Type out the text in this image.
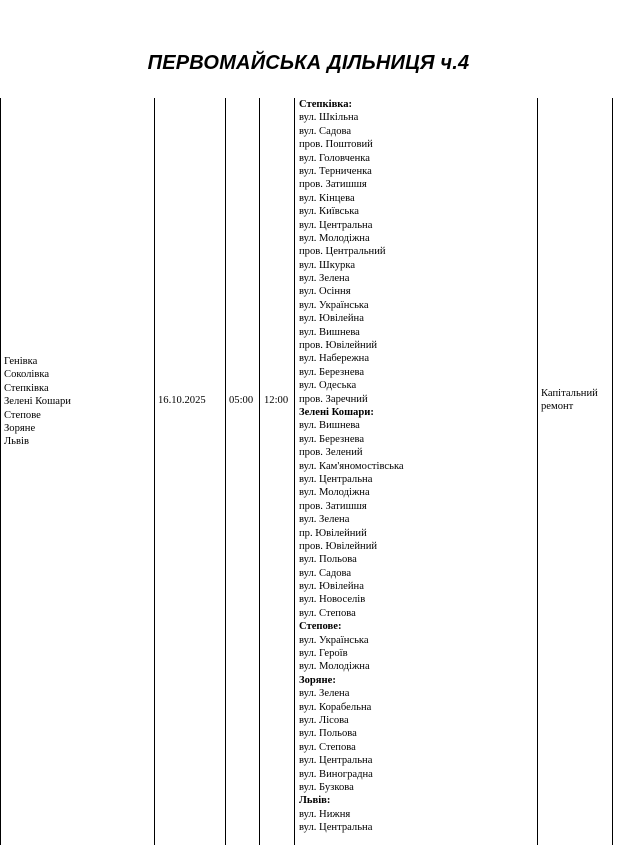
ПЕРВОМАЙСЬКА ДІЛЬНИЦЯ ч.4
Генівка
Соколівка
Степківка
Зелені Кошари
Степове
Зоряне
Львів
16.10.2025 05:00 12:00
Степківка:
вул. Шкільна
вул. Садова
пров. Поштовий
вул. Головченка
вул. Терниченка
пров. Затишшя
вул. Кінцева
вул. Київська
вул. Центральна
вул. Молодіжна
пров. Центральний
вул. Шкурка
вул. Зелена
вул. Осіння
вул. Українська
вул. Ювілейна
вул. Вишнева
пров. Ювілейний
вул. Набережна
вул. Березнева
вул. Одеська
пров. Заречний
Зелені Кошари:
вул. Вишнева
вул. Березнева
пров. Зелений
вул. Кам'яномостівська
вул. Центральна
вул. Молодіжна
пров. Затишшя
вул. Зелена
пр. Ювілейний
пров. Ювілейний
вул. Польова
вул. Садова
вул. Ювілейна
вул. Новоселів
вул. Степова
Степове:
вул. Українська
вул. Героїв
вул. Молодіжна
Зоряне:
вул. Зелена
вул. Корабельна
вул. Лісова
вул. Польова
вул. Степова
вул. Центральна
вул. Виноградна
вул. Бузкова
Львів:
вул. Нижня
вул. Центральна
Капітальний ремонт
